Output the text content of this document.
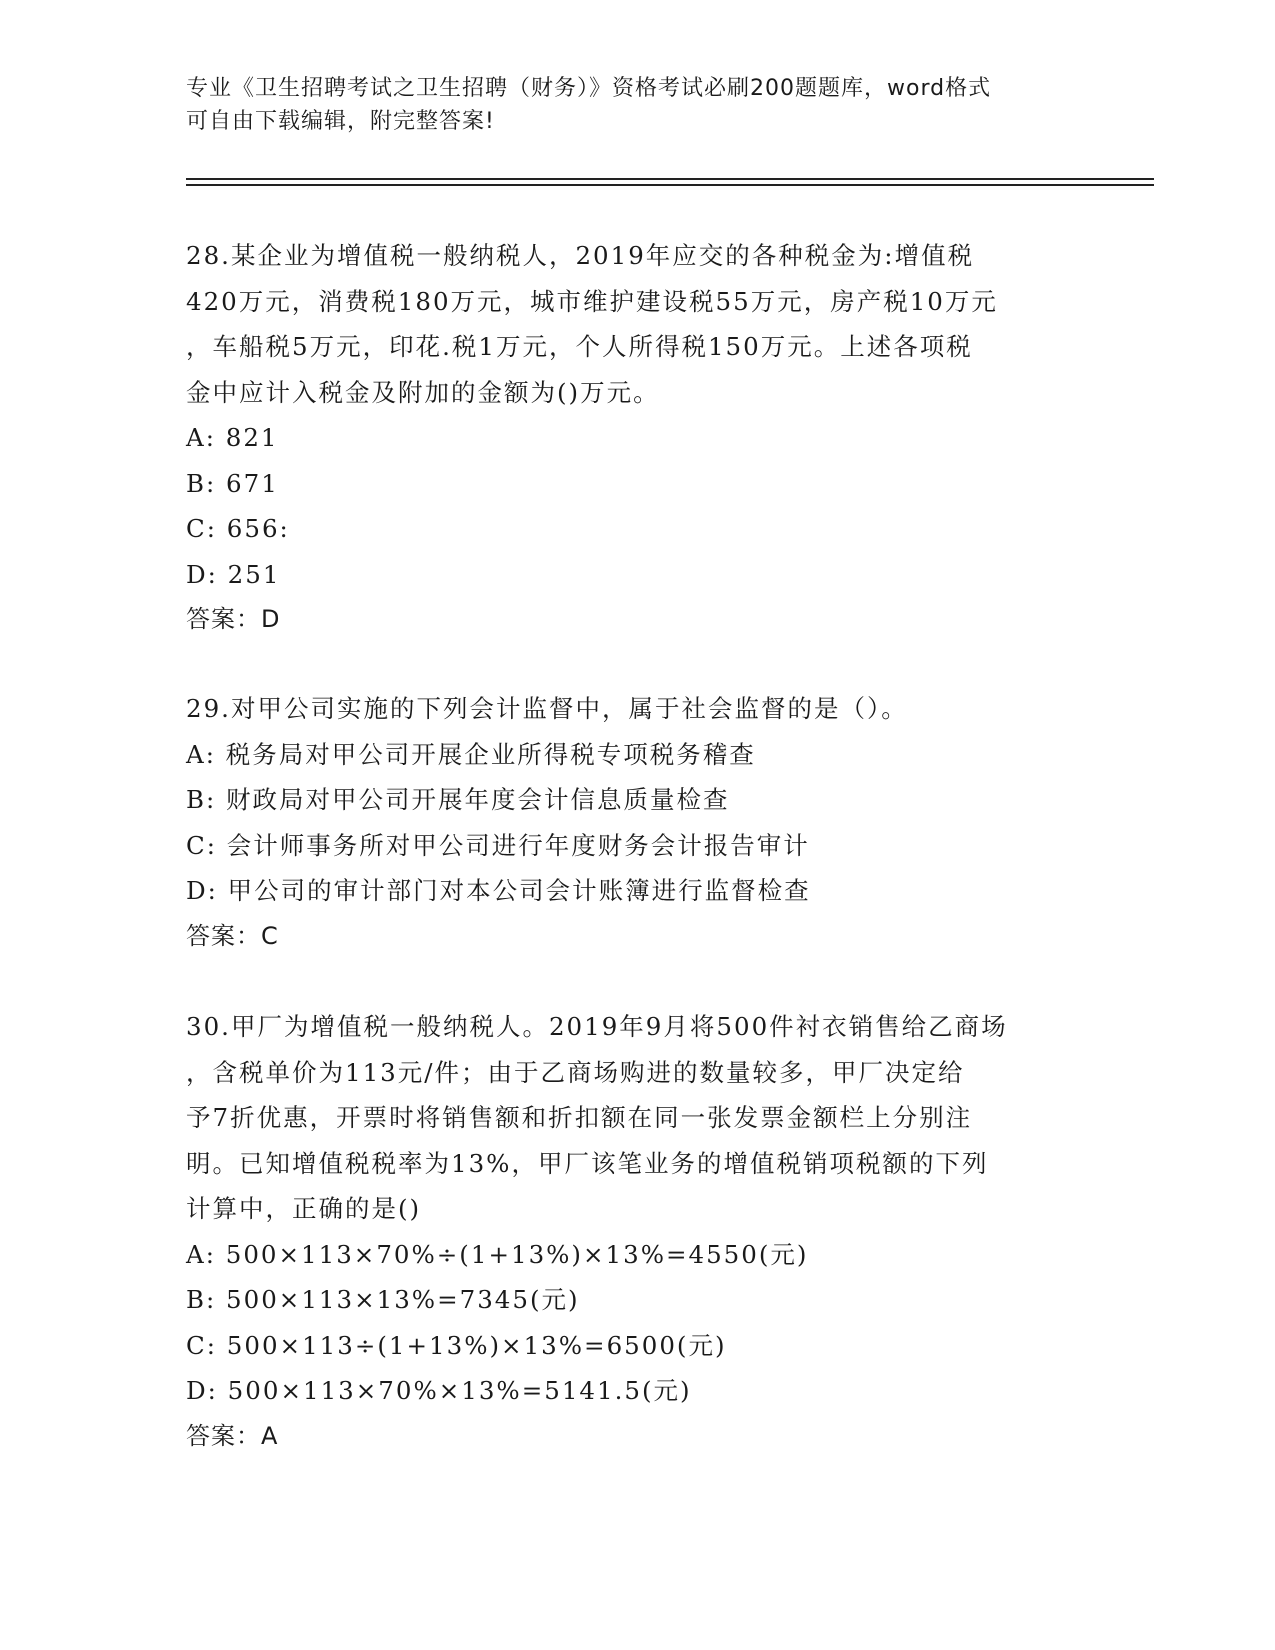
专业《卫生招聘考试之卫生招聘（财务）》资格考试必刷200题题库，word格式
可自由下载编辑，附完整答案!

28.某企业为增值税一般纳税人，2019年应交的各种税金为:增值税

420万元，消费税180万元，城市维护建设税55万元，房产税10万元

，车船税5万元，印花.税1万元，个人所得税150万元。上述各项税

金中应计入税金及附加的金额为()万元。

A: 821

B: 671

C: 656:

D: 251

答案：D

29.对甲公司实施的下列会计监督中，属于社会监督的是（）。

A: 税务局对甲公司开展企业所得税专项税务稽查

B: 财政局对甲公司开展年度会计信息质量检查

C: 会计师事务所对甲公司进行年度财务会计报告审计

D: 甲公司的审计部门对本公司会计账簿进行监督检查

答案：C

30.甲厂为增值税一般纳税人。2019年9月将500件衬衣销售给乙商场

，含税单价为113元/件；由于乙商场购进的数量较多，甲厂决定给

予7折优惠，开票时将销售额和折扣额在同一张发票金额栏上分别注

明。已知增值税税率为13%，甲厂该笔业务的增值税销项税额的下列

计算中，正确的是()

A: 500×113×70%÷(1+13%)×13%=4550(元)

B: 500×113×13%=7345(元)

C: 500×113÷(1+13%)×13%=6500(元)

D: 500×113×70%×13%=5141.5(元)

答案：A
